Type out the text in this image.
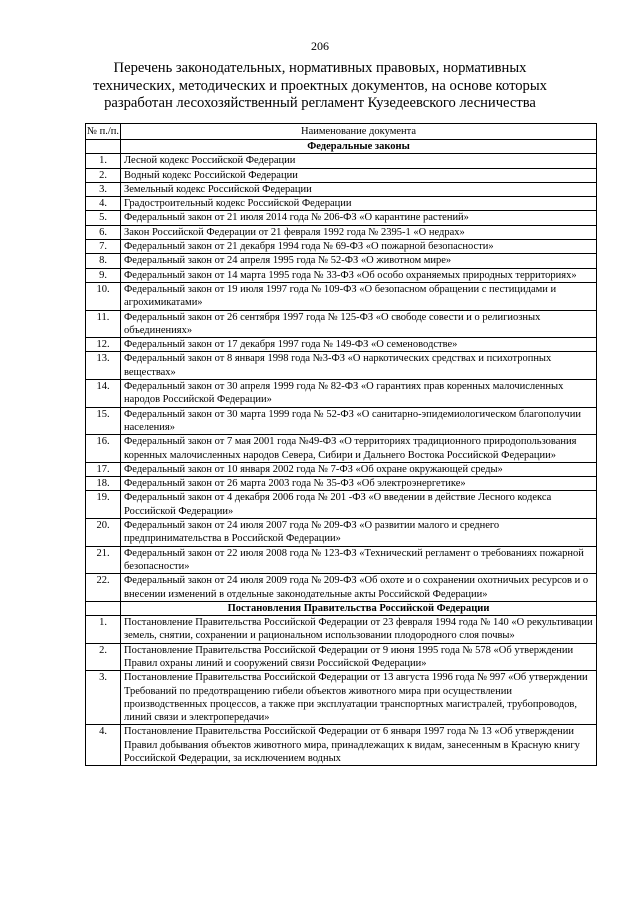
206
Перечень законодательных, нормативных правовых, нормативных технических, методических и проектных документов, на основе которых разработан лесохозяйственный регламент Кузедеевского лесничества
№ п./п.	Наименование документа
	Федеральные законы
1.	Лесной кодекс Российской Федерации
2.	Водный кодекс Российской Федерации
3.	Земельный кодекс Российской Федерации
4.	Градостроительный кодекс Российской Федерации
5.	Федеральный закон от 21 июля 2014 года № 206-ФЗ «О карантине растений»
6.	Закон Российской Федерации от 21 февраля 1992 года № 2395-1 «О недрах»
7.	Федеральный закон от 21 декабря 1994 года № 69-ФЗ «О пожарной безопасности»
8.	Федеральный закон от 24 апреля 1995 года № 52-ФЗ «О животном мире»
9.	Федеральный закон от 14 марта 1995 года № 33-ФЗ «Об особо охраняемых природных территориях»
10.	Федеральный закон от 19 июля 1997 года № 109-ФЗ «О безопасном обращении с пестицидами и агрохимикатами»
11.	Федеральный закон от 26 сентября 1997 года № 125-ФЗ «О свободе совести и о религиозных объединениях»
12.	Федеральный закон от 17 декабря 1997 года № 149-ФЗ «О семеноводстве»
13.	Федеральный закон от 8 января 1998 года №3-ФЗ «О наркотических средствах и психотропных веществах»
14.	Федеральный закон от 30 апреля 1999 года № 82-ФЗ «О гарантиях прав коренных малочисленных народов Российской Федерации»
15.	Федеральный закон от 30 марта 1999 года № 52-ФЗ «О санитарно-эпидемиологическом благополучии населения»
16.	Федеральный закон от 7 мая 2001 года №49-ФЗ «О территориях традиционного природопользования коренных малочисленных народов Севера, Сибири и Дальнего Востока Российской Федерации»
17.	Федеральный закон от 10 января 2002 года № 7-ФЗ «Об охране окружающей среды»
18.	Федеральный закон от 26 марта 2003 года № 35-ФЗ «Об электроэнергетике»
19.	Федеральный закон от 4 декабря 2006 года № 201 -ФЗ «О введении в действие Лесного кодекса Российской Федерации»
20.	Федеральный закон от 24 июля 2007 года № 209-ФЗ «О развитии малого и среднего предпринимательства в Российской Федерации»
21.	Федеральный закон от 22 июля 2008 года № 123-ФЗ «Технический регламент о требованиях пожарной безопасности»
22.	Федеральный закон от 24 июля 2009 года № 209-ФЗ «Об охоте и о сохранении охотничьих ресурсов и о внесении изменений в отдельные законодательные акты Российской Федерации»
	Постановления Правительства Российской Федерации
1.	Постановление Правительства Российской Федерации от 23 февраля 1994 года № 140 «О рекультивации земель, снятии, сохранении и рациональном использовании плодородного слоя почвы»
2.	Постановление Правительства Российской Федерации от 9 июня 1995 года № 578 «Об утверждении Правил охраны линий и сооружений связи Российской Федерации»
3.	Постановление Правительства Российской Федерации от 13 августа 1996 года № 997 «Об утверждении Требований по предотвращению гибели объектов животного мира при осуществлении производственных процессов, а также при эксплуатации транспортных магистралей, трубопроводов, линий связи и электропередачи»
4.	Постановление Правительства Российской Федерации от 6 января 1997 года № 13 «Об утверждении Правил добывания объектов животного мира, принадлежащих к видам, занесенным в Красную книгу Российской Федерации, за исключением водных
